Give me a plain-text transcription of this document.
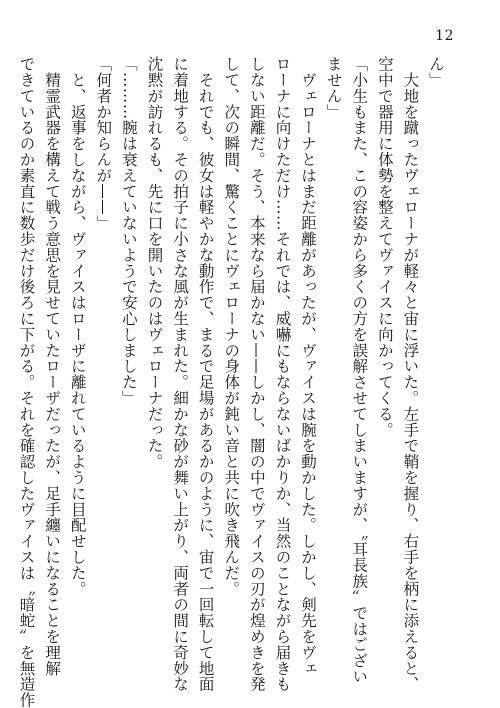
12
ん」
　大地を蹴ったヴェローナが軽々と宙に浮いた。左手で鞘を握り、右手を柄に添えると、
空中で器用に体勢を整えてヴァイスに向かってくる。
「小生もまた、この容姿から多くの方を誤解させてしまいますが、〝耳長族〟ではござい
ません」
　ヴェローナとはまだ距離があったが、ヴァイスは腕を動かした。しかし、剣先をヴェ
ローナに向けただけ……それでは、威嚇にもならないばかりか、当然のことながら届きも
しない距離だ。そう、本来なら届かない——しかし、闇の中でヴァイスの刃が煌めきを発
して、次の瞬間、驚くことにヴェローナの身体が鈍い音と共に吹き飛んだ。
　それでも、彼女は軽やかな動作で、まるで足場があるかのように、宙で一回転して地面
に着地する。その拍子に小さな風が生まれた。細かな砂が舞い上がり、両者の間に奇妙な
沈黙が訪れるも、先に口を開いたのはヴェローナだった。
「………腕は衰えていないようで安心しました」
「何者か知らんが——」
　と、返事をしながら、ヴァイスはローザに離れているように目配せした。
　精霊武器を構えて戦う意思を見せていたローザだったが、足手纏いになることを理解
できているのか素直に数歩だけ後ろに下がる。それを確認したヴァイスは〝暗蛇〟を無造作
